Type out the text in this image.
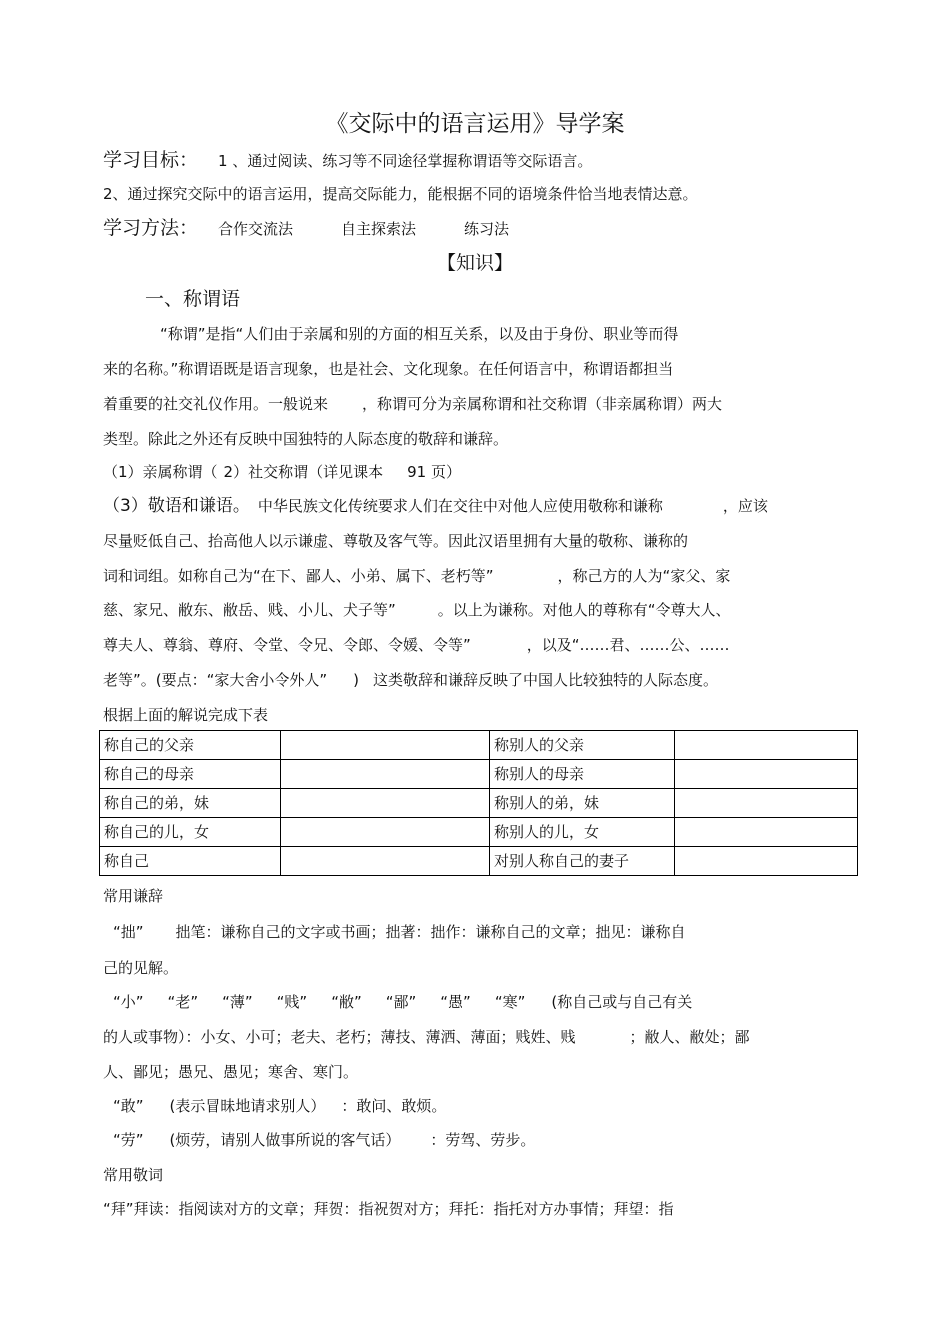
《交际中的语言运用》导学案
学习目标： 1 、通过阅读、练习等不同途径掌握称谓语等交际语言。
2、通过探究交际中的语言运用，提高交际能力，能根据不同的语境条件恰当地表情达意。
学习方法： 合作交流法	自主探索法	练习法
【知识】
一、称谓语
“称谓”是指“人们由于亲属和别的方面的相互关系，以及由于身份、职业等而得
来的名称。”称谓语既是语言现象，也是社会、文化现象。在任何语言中，称谓语都担当
着重要的社交礼仪作用。一般说来 ，称谓可分为亲属称谓和社交称谓（非亲属称谓）两大
类型。除此之外还有反映中国独特的人际态度的敬辞和谦辞。
（1）亲属称谓（ 2）社交称谓（详见课本 91 页）
（3）敬语和谦语。 中华民族文化传统要求人们在交往中对他人应使用敬称和谦称	，应该
尽量贬低自己、抬高他人以示谦虚、尊敬及客气等。因此汉语里拥有大量的敬称、谦称的
词和词组。如称自己为“在下、鄙人、小弟、属下、老朽等”	，称己方的人为“家父、家
慈、家兄、敝东、敝岳、贱、小儿、犬子等”	。以上为谦称。对他人的尊称有“令尊大人、
尊夫人、尊翁、尊府、令堂、令兄、令郎、令媛、令等”	，以及“……君、……公、……
老等”。(要点：“家大舍小令外人” ) 这类敬辞和谦辞反映了中国人比较独特的人际态度。
根据上面的解说完成下表
称自己的父亲		称别人的父亲	
称自己的母亲		称别人的母亲	
称自己的弟，妹		称别人的弟，妹	
称自己的儿，女		称别人的儿，女	
称自己		对别人称自己的妻子	
常用谦辞
“拙” 拙笔：谦称自己的文字或书画；拙著：拙作：谦称自己的文章；拙见：谦称自
己的见解。
“小” “老” “薄” “贱” “敝” “鄙” “愚” “寒” (称自己或与自己有关
的人或事物）：小女、小可；老夫、老朽；薄技、薄洒、薄面；贱姓、贱	；敝人、敝处；鄙
人、鄙见；愚兄、愚见；寒舍、寒门。
“敢” (表示冒昧地请求别人） ：敢问、敢烦。
“劳” (烦劳，请别人做事所说的客气话） ：劳驾、劳步。
常用敬词
“拜”拜读：指阅读对方的文章；拜贺：指祝贺对方；拜托：指托对方办事情；拜望：指
